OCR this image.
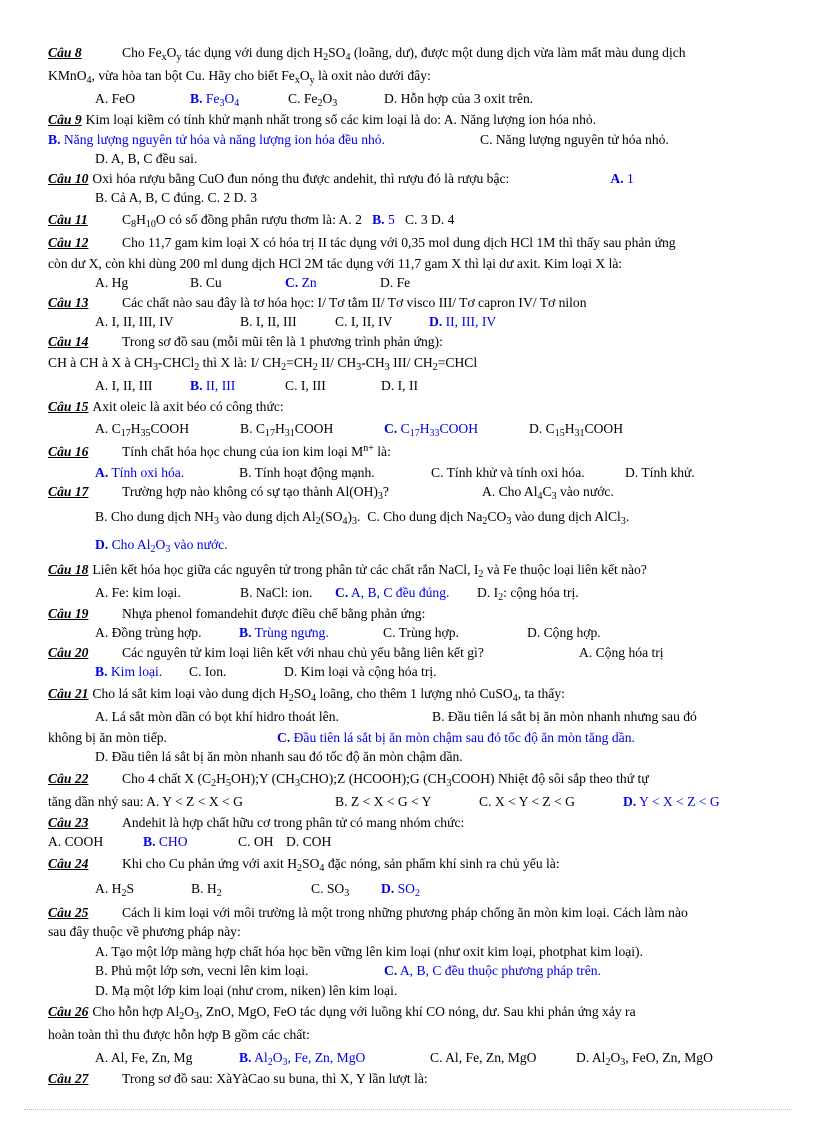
Câu 8	Cho $Fe_xO_y$ tác dụng với dung dịch $H_2SO_4$ (loãng, dư), được một dung dịch vừa làm mất màu dung dịch
KMnO$_4$, vừa hòa tan bột Cu. Hãy cho biết $Fe_xO_y$ là oxit nào dưới đây:
A. FeO	B. $Fe_3O_4$	C. $Fe_2O_3$	D. Hỗn hợp của 3 oxit trên.
Câu 9 Kim loại kiềm có tính khử mạnh nhất trong số các kim loại là do: A. Năng lượng ion hóa nhỏ.
B. Năng lượng nguyên tử hóa và năng lượng ion hóa đều nhỏ.	C. Năng lượng nguyên tử hóa nhỏ.
D. A, B, C đều sai.
Câu 10 Oxi hóa rượu bằng CuO đun nóng thu được andehit, thì rượu đó là rượu bậc:	A. 1
B. Cả A, B, C đúng. C. 2 D. 3
Câu 11	$C_8H_{10}O$ có số đồng phân rượu thơm là: A. 2 B. 5 C. 3 D. 4
Câu 12 Cho 11,7 gam kim loại X có hóa trị II tác dụng với 0,35 mol dung dịch HCl 1M thì thấy sau phản ứng
còn dư X, còn khi dùng 200 ml dung dịch HCl 2M tác dụng với 11,7 gam X thì lại dư axit. Kim loại X là:
A. Hg	B. Cu	C. Zn	D. Fe
Câu 13 Các chất nào sau đây là tơ hóa học: I/ Tơ tằm II/ Tơ visco III/ Tơ capron IV/ Tơ nilon
A. I, II, III, IV	B. I, II, III	C. I, II, IV	D. II, III, IV
Câu 14 Trong sơ đồ sau (mỗi mũi tên là 1 phương trình phản ứng):
CH à CH à X à $CH_3-CHCl_2$ thì X là: I/ $CH_2=CH_2$ II/ $CH_3-CH_3$ III/ $CH_2=CHCl$
A. I, II, III	B. II, III	C. I, III	D. I, II
Câu 15 Axit oleic là axit béo có công thức:
A. $C_{17}H_{35}COOH$	B. $C_{17}H_{31}COOH$	C. $C_{17}H_{33}COOH$	D. $C_{15}H_{31}COOH$
Câu 16 Tính chất hóa học chung của ion kim loại $M^{n+}$ là:
A. Tính oxi hóa.	B. Tính hoạt động mạnh.	C. Tính khử và tính oxi hóa.	D. Tính khử.
Câu 17 Trường hợp nào không có sự tạo thành $Al(OH)_3$?	A. Cho $Al_4C_3$ vào nước.
B. Cho dung dịch $NH_3$ vào dung dịch $Al_2(SO_4)_3$. C. Cho dung dịch $Na_2CO_3$ vào dung dịch AlCl$_3$.
D. Cho $Al_2O_3$ vào nước.
Câu 18 Liên kết hóa học giữa các nguyên tử trong phân tử các chất rắn NaCl, $I_2$ và Fe thuộc loại liên kết nào?
A. Fe: kim loại.	B. NaCl: ion. C. A, B, C đều đúng. D. $I_2$: cộng hóa trị.
Câu 19 Nhựa phenol fomandehit được điều chế bằng phản ứng:
A. Đồng trùng hợp.	B. Trùng ngưng.	C. Trùng hợp.	D. Cộng hợp.
Câu 20 Các nguyên tử kim loại liên kết với nhau chủ yếu bằng liên kết gì?	A. Cộng hóa trị
B. Kim loại. C. Ion.	D. Kim loại và cộng hóa trị.
Câu 21 Cho lá sắt kim loại vào dung dịch $H_2SO_4$ loãng, cho thêm 1 lượng nhỏ CuSO$_4$, ta thấy:
A. Lá sắt mòn dần có bọt khí hidro thoát lên.	B. Đầu tiên lá sắt bị ăn mòn nhanh nhưng sau đó
không bị ăn mòn tiếp.	C. Đầu tiên lá sắt bị ăn mòn chậm sau đó tốc độ ăn mòn tăng dần.
D. Đầu tiên lá sắt bị ăn mòn nhanh sau đó tốc độ ăn mòn chậm dần.
Câu 22 Cho 4 chất X $(C_2H_5OH);Y$ $(CH_3CHO);Z$ (HCOOH);G $(CH_3COOH)$ Nhiệt độ sôi sắp theo thứ tự
tăng dần nhý sau: A. Y < Z < X < G	B. Z < X < G < Y	C. X < Y < Z < G	D. Y < X < Z < G
Câu 23 Andehit là hợp chất hữu cơ trong phân tử có mang nhóm chức:
A. COOH	B. CHO	C. OH D. COH
Câu 24 Khi cho Cu phản ứng với axit $H_2SO_4$ đặc nóng, sản phẩm khí sinh ra chủ yếu là:
A. $H_2S$	B. $H_2$	C. $SO_3$ D. $SO_2$
Câu 25 Cách li kim loại với môi trường là một trong những phương pháp chống ăn mòn kim loại. Cách làm nào
sau đây thuộc về phương pháp này:
A. Tạo một lớp màng hợp chất hóa học bền vững lên kim loại (như oxit kim loại, photphat kim loại).
B. Phủ một lớp sơn, vecni lên kim loại.	C. A, B, C đều thuộc phương pháp trên.
D. Mạ một lớp kim loại (như crom, niken) lên kim loại.
Câu 26 Cho hỗn hợp $Al_2O_3$, ZnO, MgO, FeO tác dụng với luồng khí CO nóng, dư. Sau khi phản ứng xảy ra
hoàn toàn thì thu được hỗn hợp B gồm các chất:
A. Al, Fe, Zn, Mg	B. $Al_2O_3$, Fe, Zn, MgO	C. Al, Fe, Zn, MgO	D. $Al_2O_3$, FeO, Zn, MgO
Câu 27 Trong sơ đồ sau: XàYàCao su buna, thì X, Y lần lượt là:
